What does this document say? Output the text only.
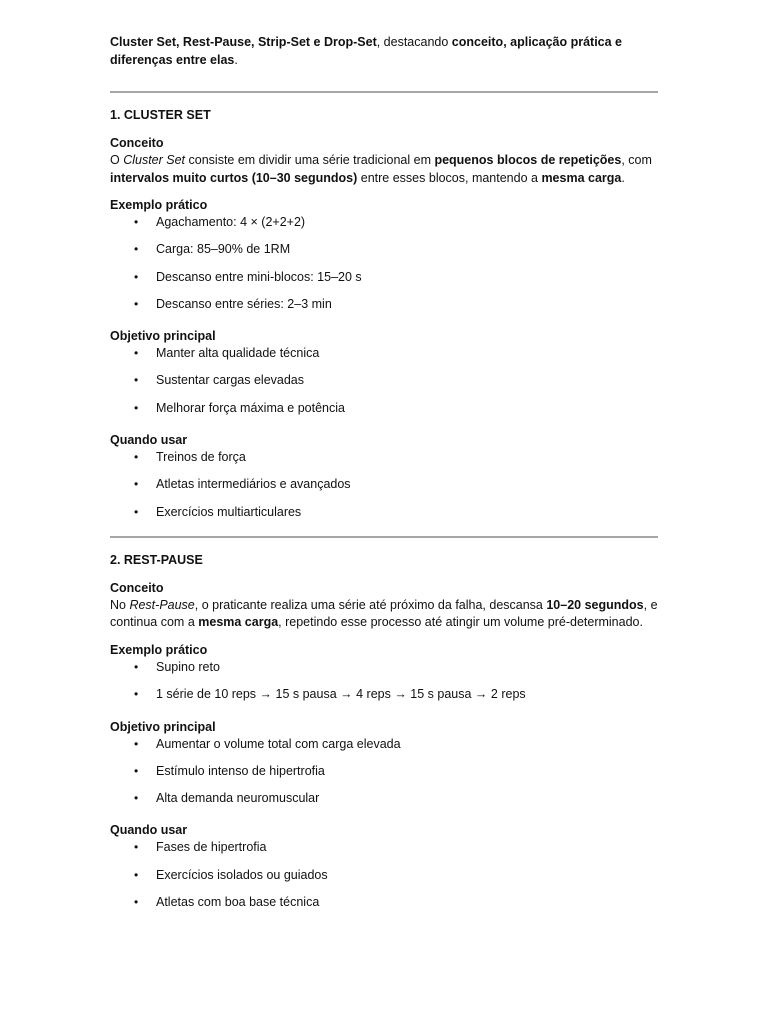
Cluster Set, Rest-Pause, Strip-Set e Drop-Set, destacando conceito, aplicação prática e diferenças entre elas.

1. CLUSTER SET
Conceito

O Cluster Set consiste em dividir uma série tradicional em pequenos blocos de repetições, com intervalos muito curtos (10–30 segundos) entre esses blocos, mantendo a mesma carga.

Exemplo prático
• Agachamento: 4 × (2+2+2)
• Carga: 85–90% de 1RM
• Descanso entre mini-blocos: 15–20 s
• Descanso entre séries: 2–3 min
Objetivo principal
• Manter alta qualidade técnica
• Sustentar cargas elevadas
• Melhorar força máxima e potência
Quando usar
• Treinos de força
• Atletas intermediários e avançados
• Exercícios multiarticulares
2. REST-PAUSE
Conceito

No Rest-Pause, o praticante realiza uma série até próximo da falha, descansa 10–20 segundos, e continua com a mesma carga, repetindo esse processo até atingir um volume pré-determinado.

Exemplo prático
• Supino reto
• 1 série de 10 reps → 15 s pausa → 4 reps → 15 s pausa → 2 reps
Objetivo principal
• Aumentar o volume total com carga elevada
• Estímulo intenso de hipertrofia
• Alta demanda neuromuscular
Quando usar
• Fases de hipertrofia
• Exercícios isolados ou guiados
• Atletas com boa base técnica
